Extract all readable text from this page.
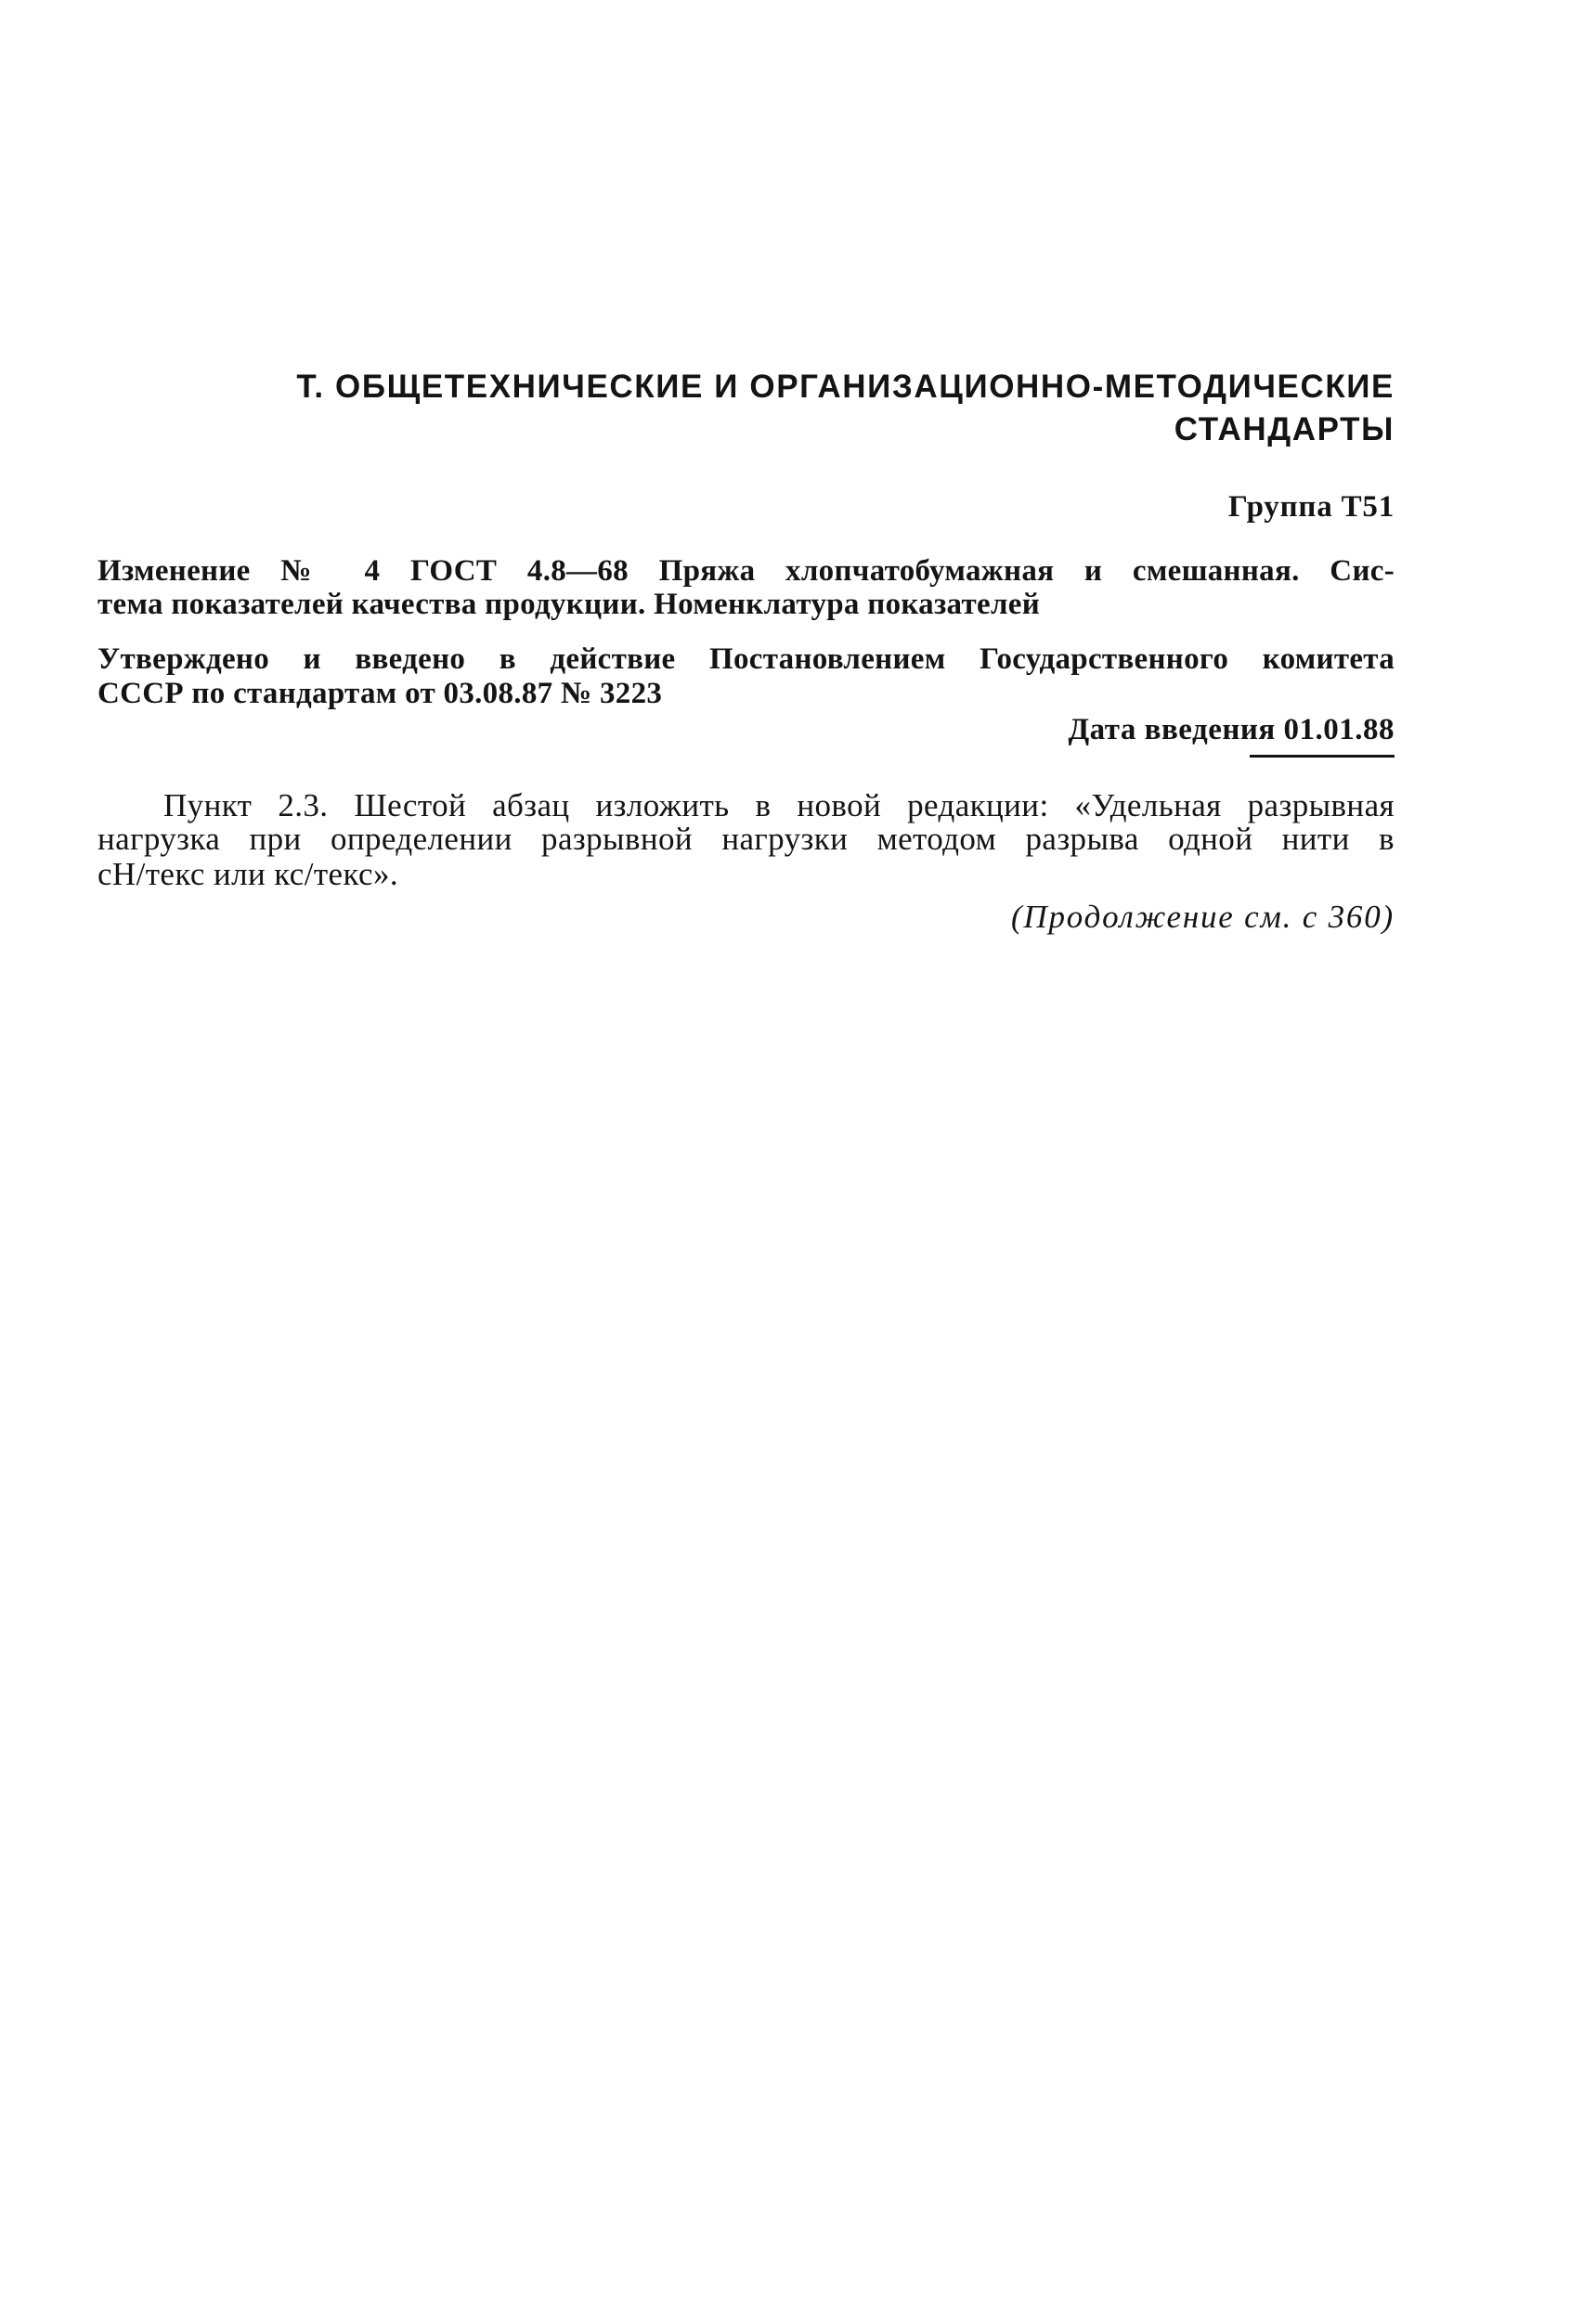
Т. ОБЩЕТЕХНИЧЕСКИЕ И ОРГАНИЗАЦИОННО-МЕТОДИЧЕСКИЕ

СТАНДАРТЫ

Группа Т51

Изменение № 4 ГОСТ 4.8—68 Пряжа хлопчатобумажная и смешанная. Сис-

тема показателей качества продукции. Номенклатура показателей

Утверждено и введено в действие Постановлением Государственного комитета

СССР по стандартам от 03.08.87 № 3223

Дата введения 01.01.88

Пункт 2.3. Шестой абзац изложить в новой редакции: «Удельная разрывная

нагрузка при определении разрывной нагрузки методом разрыва одной нити в

сН/текс или кс/текс».

(Продолжение см. с 360)
